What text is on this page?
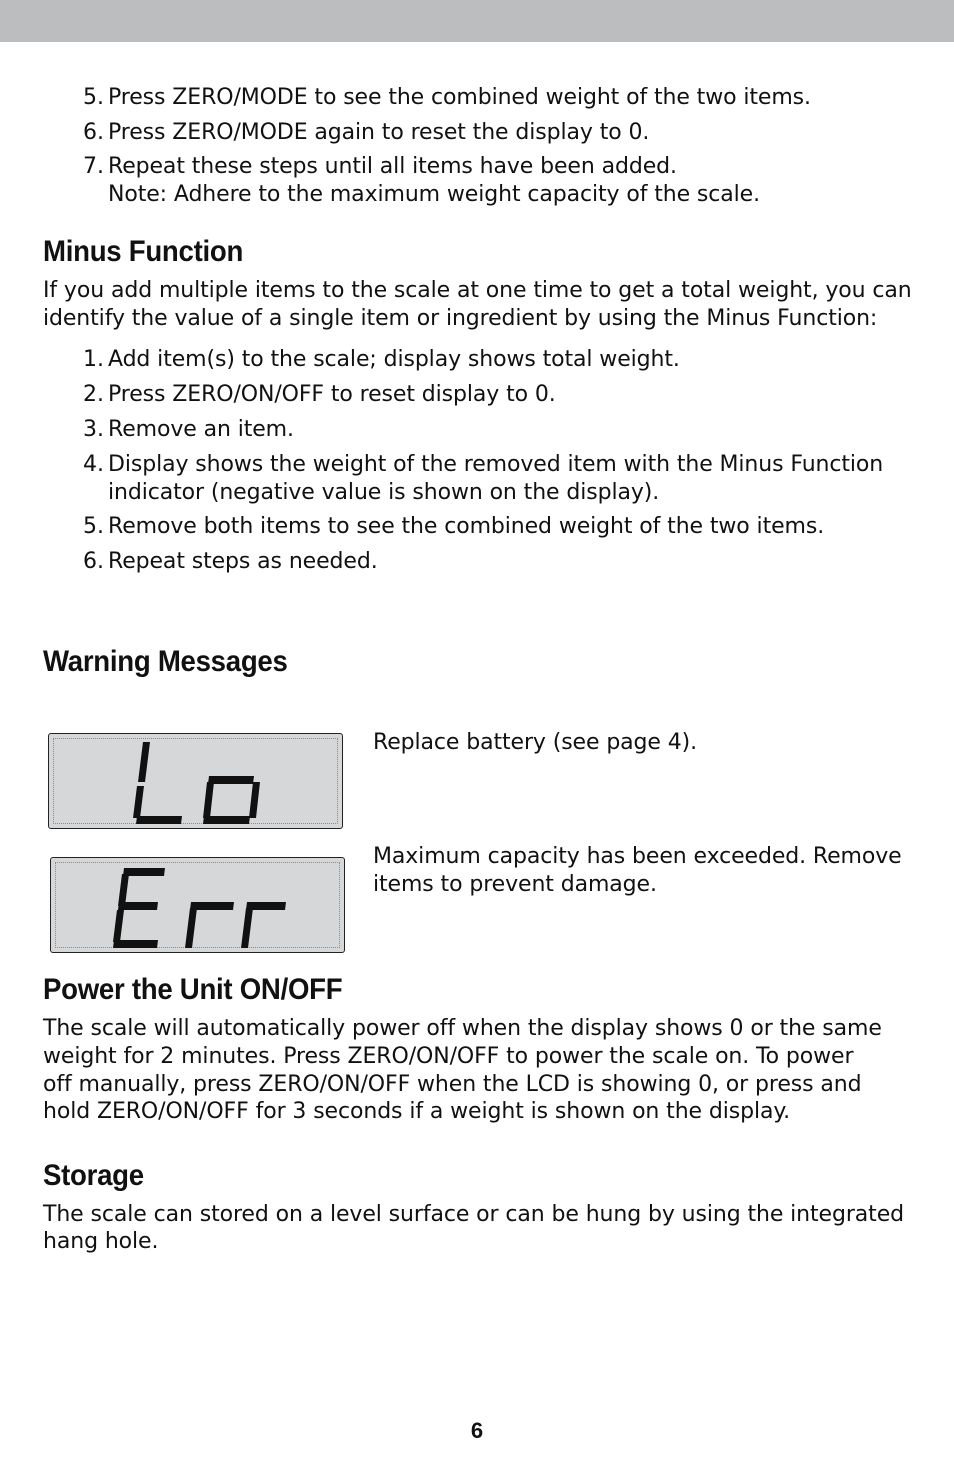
5. Press ZERO/MODE to see the combined weight of the two items.
6. Press ZERO/MODE again to reset the display to 0.
7. Repeat these steps until all items have been added.
Note: Adhere to the maximum weight capacity of the scale.
Minus Function
If you add multiple items to the scale at one time to get a total weight, you can
identify the value of a single item or ingredient by using the Minus Function:
1. Add item(s) to the scale; display shows total weight.
2. Press ZERO/ON/OFF to reset display to 0.
3. Remove an item.
4. Display shows the weight of the removed item with the Minus Function
indicator (negative value is shown on the display).
5. Remove both items to see the combined weight of the two items.
6. Repeat steps as needed.
Warning Messages
Replace battery (see page 4).
Maximum capacity has been exceeded. Remove
items to prevent damage.
Power the Unit ON/OFF
The scale will automatically power off when the display shows 0 or the same
weight for 2 minutes. Press ZERO/ON/OFF to power the scale on. To power
off manually, press ZERO/ON/OFF when the LCD is showing 0, or press and
hold ZERO/ON/OFF for 3 seconds if a weight is shown on the display.
Storage
The scale can stored on a level surface or can be hung by using the integrated
hang hole.
6
